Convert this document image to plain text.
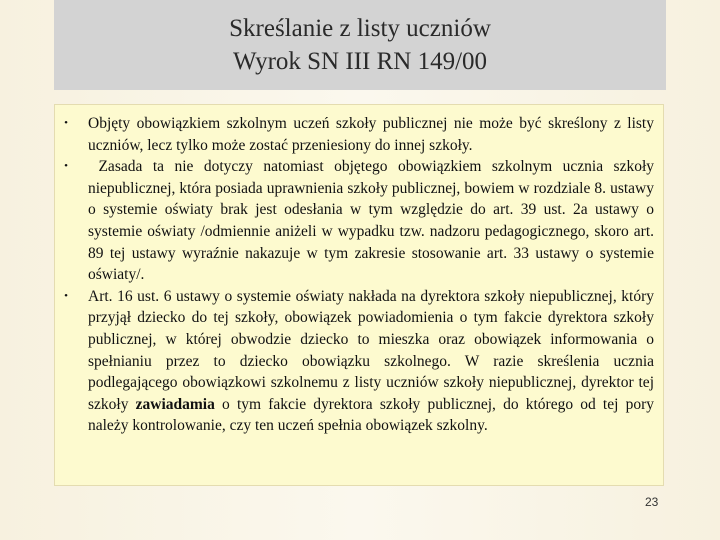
Skreślanie z listy uczniów
Wyrok SN III RN 149/00
• Objęty obowiązkiem szkolnym uczeń szkoły publicznej nie może być skreślony z listy uczniów, lecz tylko może zostać przeniesiony do innej szkoły.
• Zasada ta nie dotyczy natomiast objętego obowiązkiem szkolnym ucznia szkoły niepublicznej, która posiada uprawnienia szkoły publicznej, bowiem w rozdziale 8. ustawy o systemie oświaty brak jest odesłania w tym względzie do art. 39 ust. 2a ustawy o systemie oświaty /odmiennie aniżeli w wypadku tzw. nadzoru pedagogicznego, skoro art. 89 tej ustawy wyraźnie nakazuje w tym zakresie stosowanie art. 33 ustawy o systemie oświaty/.
• Art. 16 ust. 6 ustawy o systemie oświaty nakłada na dyrektora szkoły niepublicznej, który przyjął dziecko do tej szkoły, obowiązek powiadomienia o tym fakcie dyrektora szkoły publicznej, w której obwodzie dziecko to mieszka oraz obowiązek informowania o spełnianiu przez to dziecko obowiązku szkolnego. W razie skreślenia ucznia podlegającego obowiązkowi szkolnemu z listy uczniów szkoły niepublicznej, dyrektor tej szkoły zawiadamia o tym fakcie dyrektora szkoły publicznej, do którego od tej pory należy kontrolowanie, czy ten uczeń spełnia obowiązek szkolny.
23
